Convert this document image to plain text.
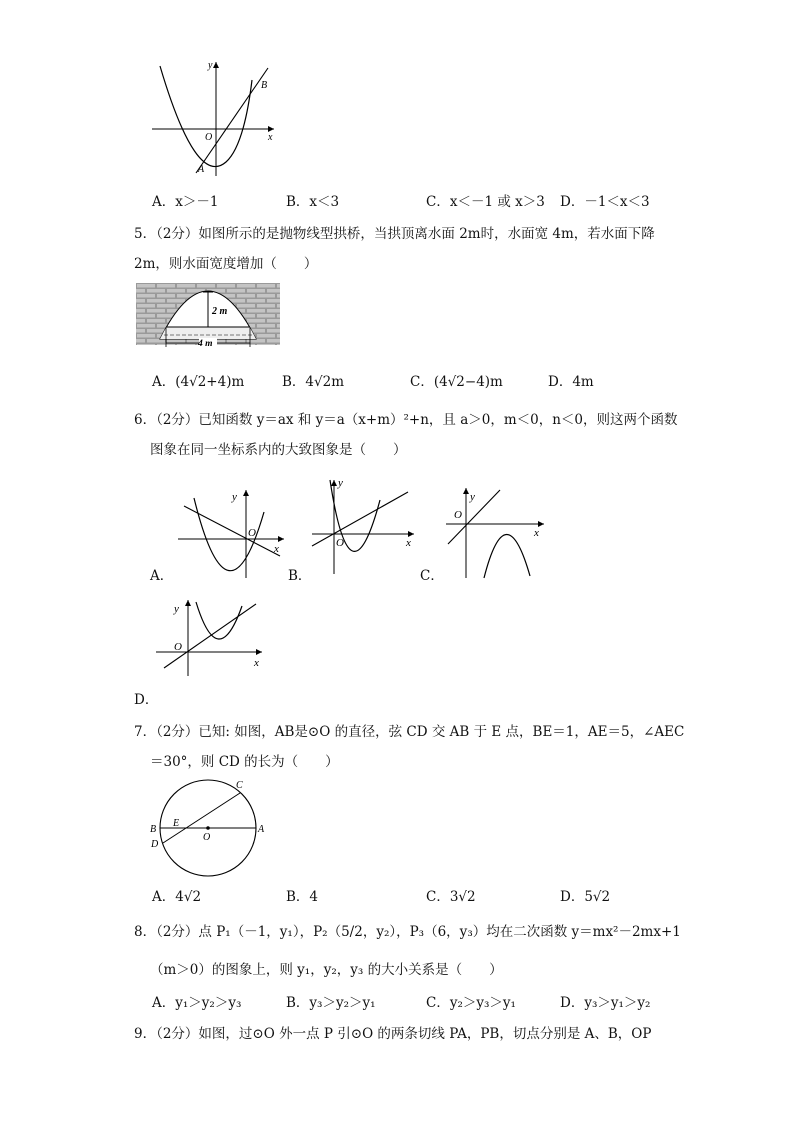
y
x
O
A
B
A．x＞－1	B．x＜3	C．x＜－1 或 x＞3 D．－1＜x＜3
5．（2分）如图所示的是抛物线型拱桥，当拱顶离水面 2m时，水面宽 4m，若水面下降
2m，则水面宽度增加（　　）
2 m
4 m
A．(4√2+4)m	B．4√2m	C．(4√2−4)m	D．4m
6．（2分）已知函数 y＝ax 和 y＝a（x+m）²+n，且 a＞0，m＜0，n＜0，则这两个函数
图象在同一坐标系内的大致图象是（　　）
y
x
O
A．
y
x
O
B．
y
x
O
C．
y
x
O
D．
7．（2分）已知: 如图，AB是⊙O 的直径，弦 CD 交 AB 于 E 点，BE＝1，AE＝5，∠AEC
＝30°，则 CD 的长为（　　）
C
B
E
A
D
O
A．4√2	B．4	C．3√2	D．5√2
8．（2分）点 P₁（－1，y₁），P₂（5/2，y₂），P₃（6，y₃）均在二次函数 y＝mx²－2mx+1
（m＞0）的图象上，则 y₁，y₂，y₃ 的大小关系是（　　）
A．y₁＞y₂＞y₃	B．y₃＞y₂＞y₁	C．y₂＞y₃＞y₁	D．y₃＞y₁＞y₂
9．（2分）如图，过⊙O 外一点 P 引⊙O 的两条切线 PA，PB，切点分别是 A、B，OP
